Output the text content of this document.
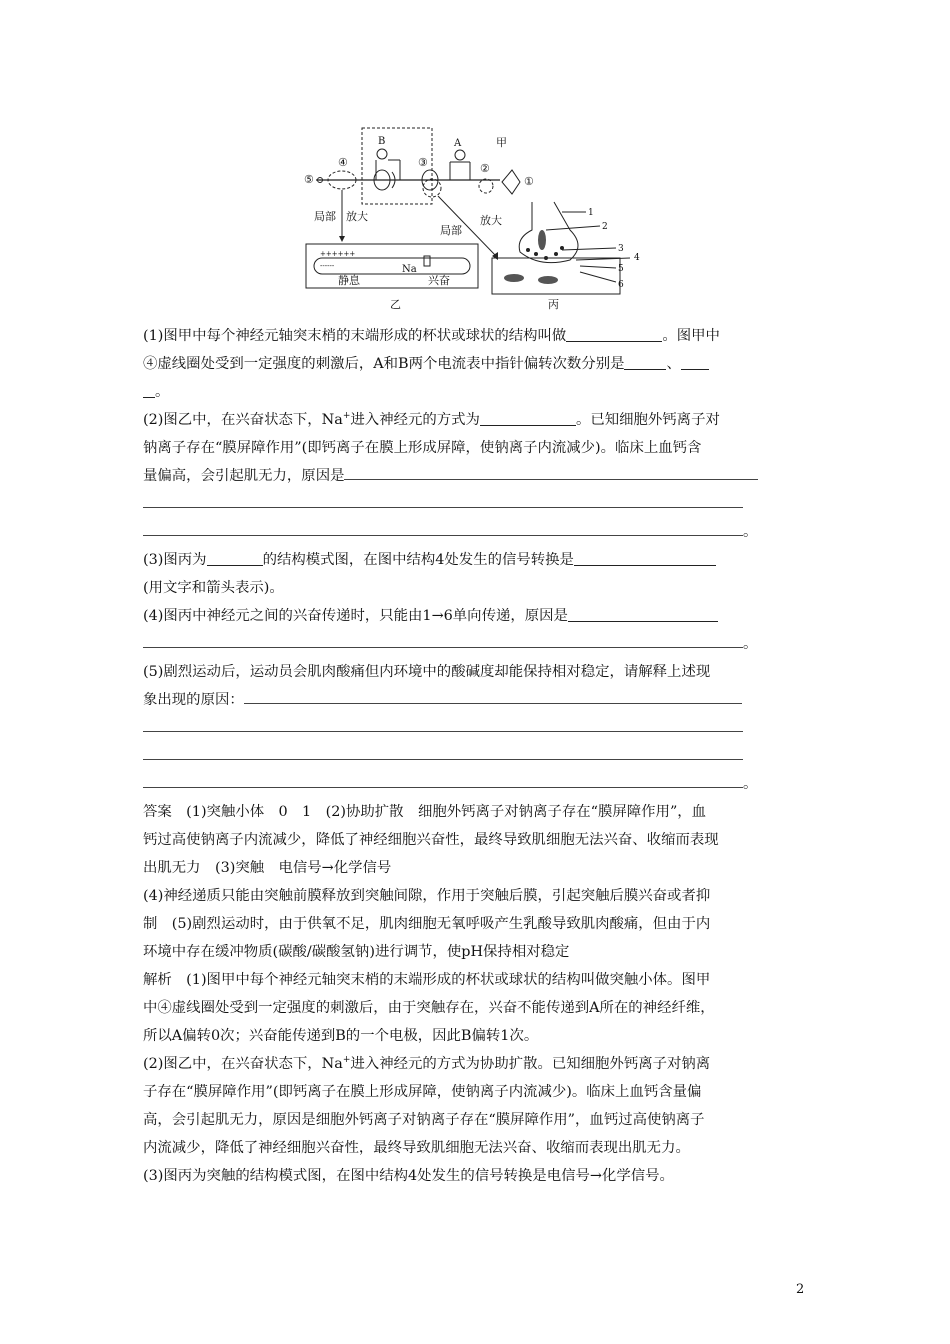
⑤
④
B
③
A	甲
②
①
局部 放大
局部
放大
++++++
------	Na
静息	兴奋
乙
1
2
3
4
5
6
丙
(1)图甲中每个神经元轴突末梢的末端形成的杯状或球状的结构叫做	。图甲中
④虚线圈处受到一定强度的刺激后，A和B两个电流表中指针偏转次数分别是	、
。
(2)图乙中，在兴奋状态下，Na+进入神经元的方式为	。已知细胞外钙离子对
钠离子存在“膜屏障作用”(即钙离子在膜上形成屏障，使钠离子内流减少)。临床上血钙含
量偏高，会引起肌无力，原因是
。
(3)图丙为	的结构模式图，在图中结构4处发生的信号转换是
(用文字和箭头表示)。
(4)图丙中神经元之间的兴奋传递时，只能由1→6单向传递，原因是
。
(5)剧烈运动后，运动员会肌肉酸痛但内环境中的酸碱度却能保持相对稳定，请解释上述现
象出现的原因：
。
答案　(1)突触小体　0　1　(2)协助扩散　细胞外钙离子对钠离子存在“膜屏障作用”，血
钙过高使钠离子内流减少，降低了神经细胞兴奋性，最终导致肌细胞无法兴奋、收缩而表现
出肌无力　(3)突触　电信号→化学信号
(4)神经递质只能由突触前膜释放到突触间隙，作用于突触后膜，引起突触后膜兴奋或者抑
制　(5)剧烈运动时，由于供氧不足，肌肉细胞无氧呼吸产生乳酸导致肌肉酸痛，但由于内
环境中存在缓冲物质(碳酸/碳酸氢钠)进行调节，使pH保持相对稳定
解析　(1)图甲中每个神经元轴突末梢的末端形成的杯状或球状的结构叫做突触小体。图甲
中④虚线圈处受到一定强度的刺激后，由于突触存在，兴奋不能传递到A所在的神经纤维，
所以A偏转0次；兴奋能传递到B的一个电极，因此B偏转1次。
(2)图乙中，在兴奋状态下，Na+进入神经元的方式为协助扩散。已知细胞外钙离子对钠离
子存在“膜屏障作用”(即钙离子在膜上形成屏障，使钠离子内流减少)。临床上血钙含量偏
高，会引起肌无力，原因是细胞外钙离子对钠离子存在“膜屏障作用”，血钙过高使钠离子
内流减少，降低了神经细胞兴奋性，最终导致肌细胞无法兴奋、收缩而表现出肌无力。
(3)图丙为突触的结构模式图，在图中结构4处发生的信号转换是电信号→化学信号。
2
